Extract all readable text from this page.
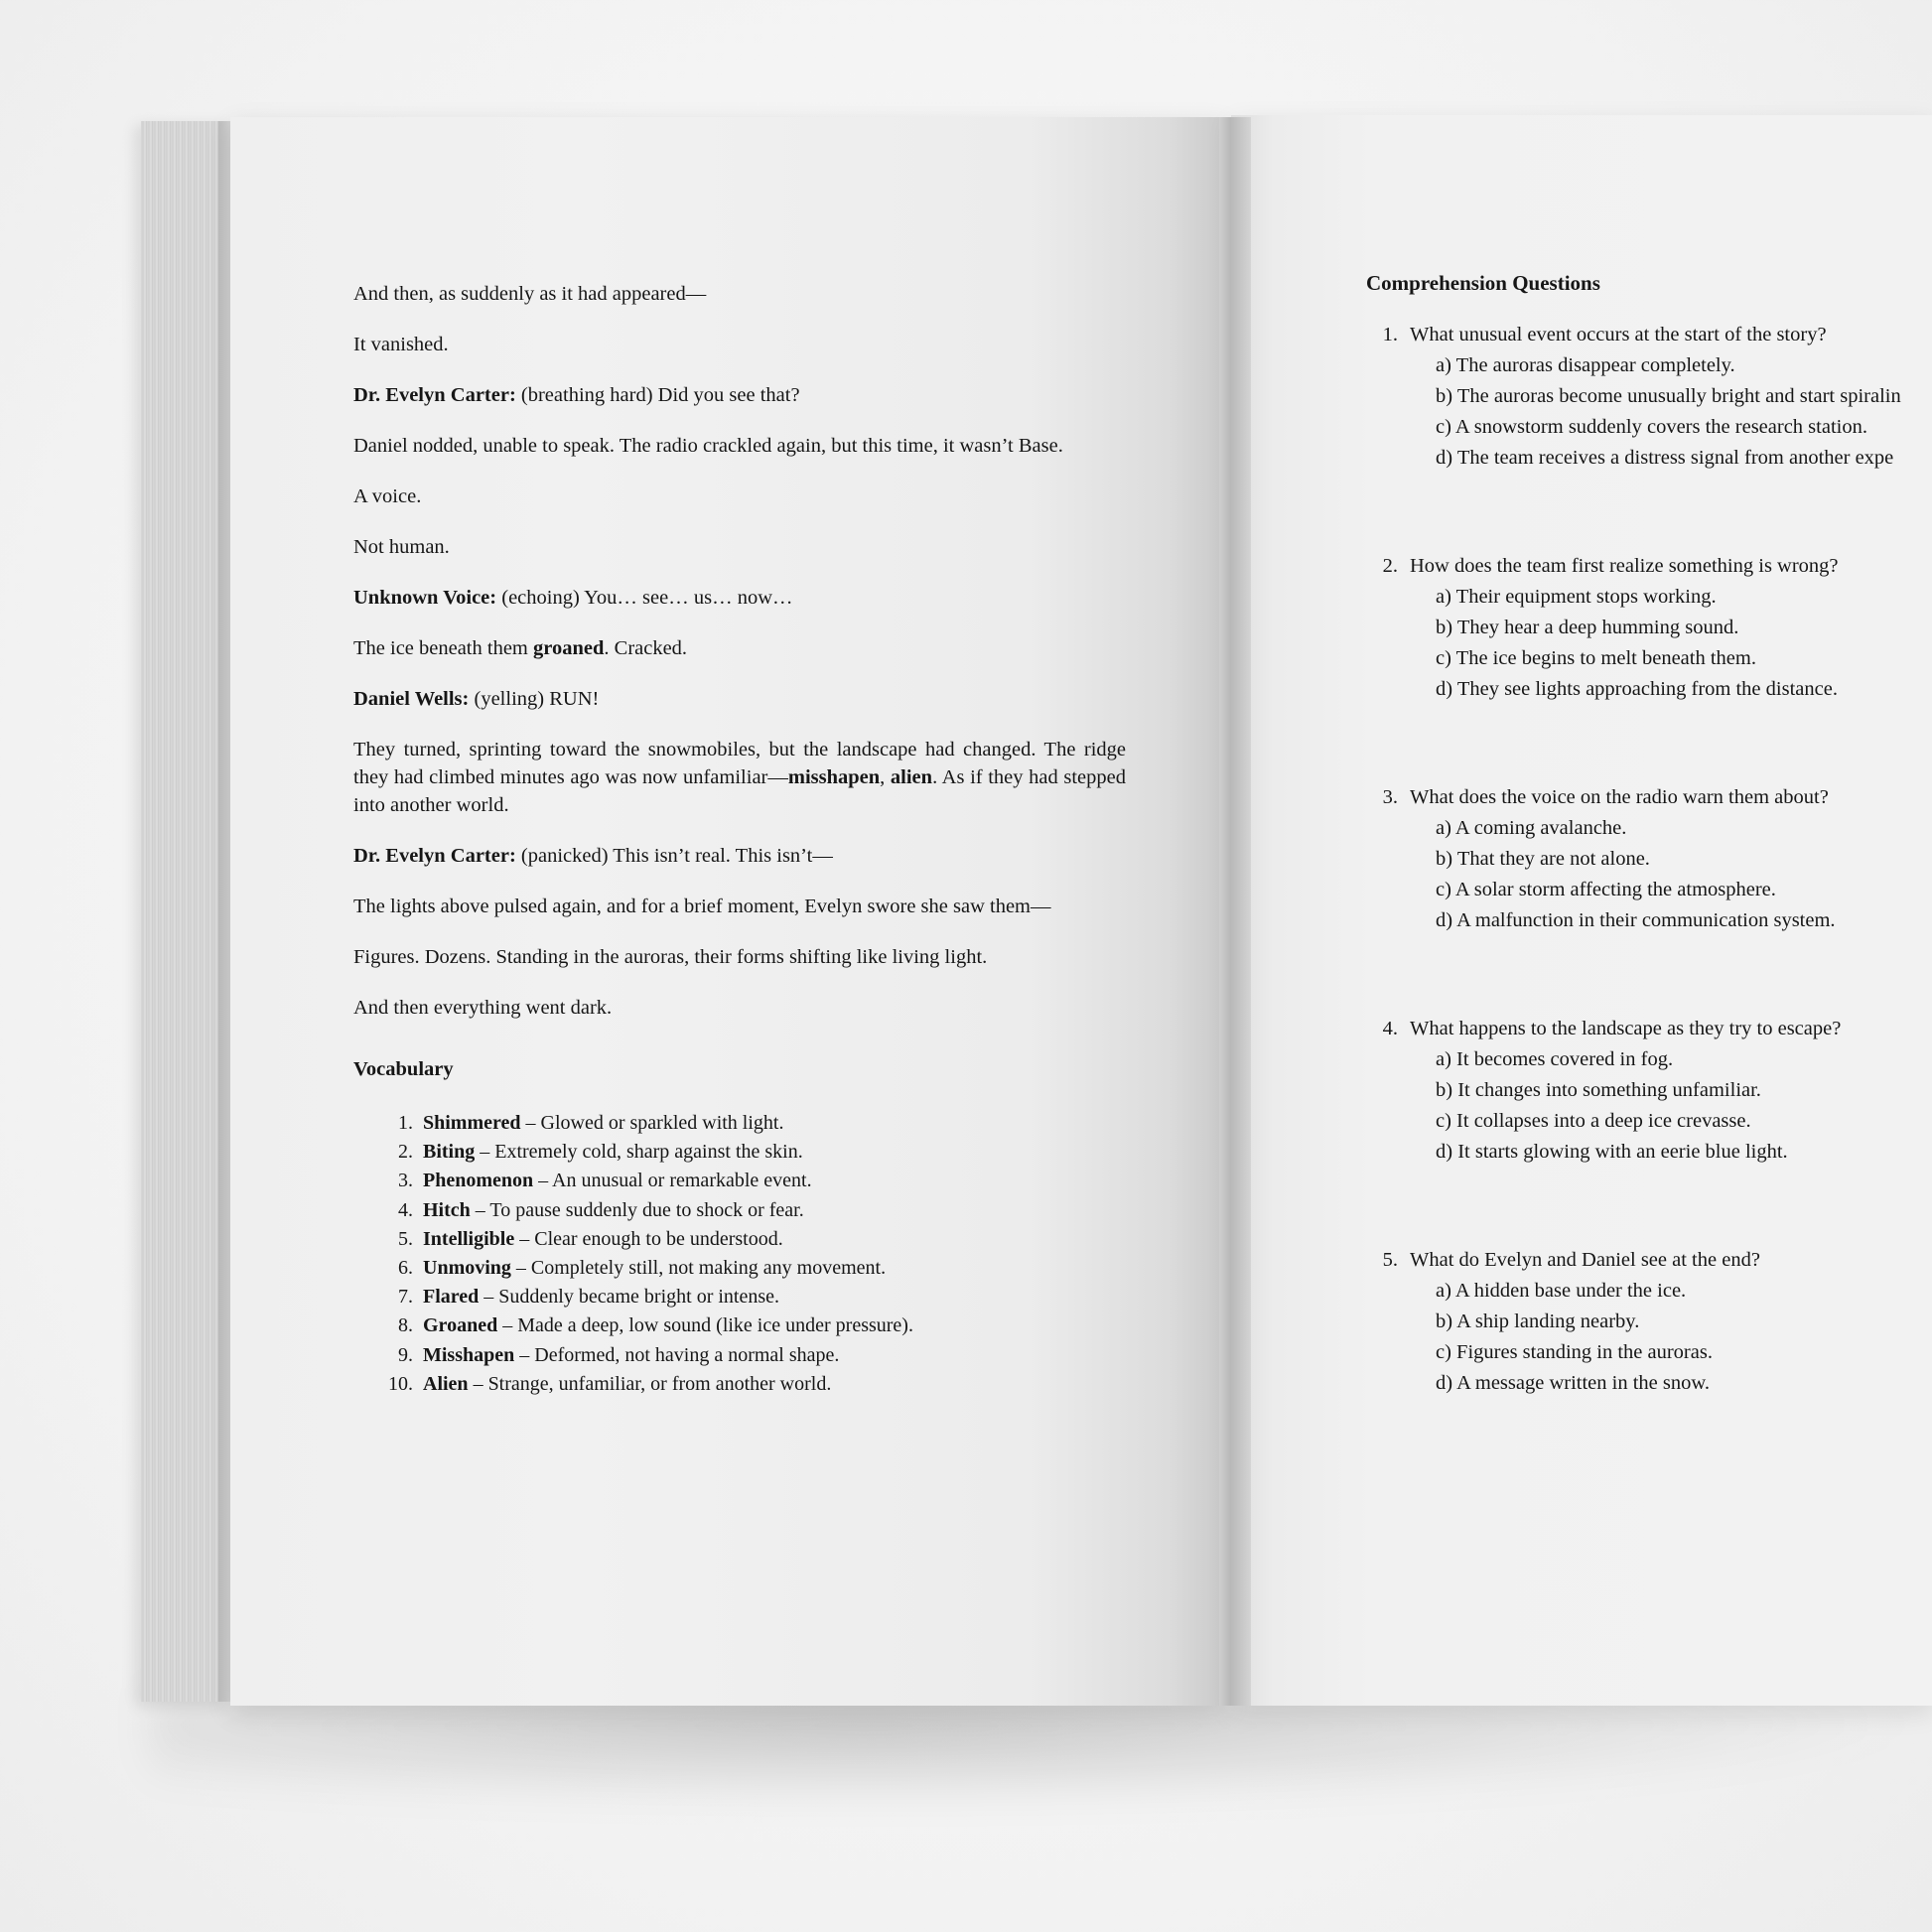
And then, as suddenly as it had appeared—

It vanished.

Dr. Evelyn Carter: (breathing hard) Did you see that?

Daniel nodded, unable to speak. The radio crackled again, but this time, it wasn’t Base.

A voice.

Not human.

Unknown Voice: (echoing) You… see… us… now…

The ice beneath them groaned. Cracked.

Daniel Wells: (yelling) RUN!

They turned, sprinting toward the snowmobiles, but the landscape had changed. The ridge they had climbed minutes ago was now unfamiliar—misshapen, alien. As if they had stepped into another world.

Dr. Evelyn Carter: (panicked) This isn’t real. This isn’t—

The lights above pulsed again, and for a brief moment, Evelyn swore she saw them—

Figures. Dozens. Standing in the auroras, their forms shifting like living light.

And then everything went dark.

Vocabulary
1. Shimmered – Glowed or sparkled with light.
2. Biting – Extremely cold, sharp against the skin.
3. Phenomenon – An unusual or remarkable event.
4. Hitch – To pause suddenly due to shock or fear.
5. Intelligible – Clear enough to be understood.
6. Unmoving – Completely still, not making any movement.
7. Flared – Suddenly became bright or intense.
8. Groaned – Made a deep, low sound (like ice under pressure).
9. Misshapen – Deformed, not having a normal shape.
10. Alien – Strange, unfamiliar, or from another world.
Comprehension Questions
1. What unusual event occurs at the start of the story?
a) The auroras disappear completely.
b) The auroras become unusually bright and start spiralin
c) A snowstorm suddenly covers the research station.
d) The team receives a distress signal from another expe
2. How does the team first realize something is wrong?
a) Their equipment stops working.
b) They hear a deep humming sound.
c) The ice begins to melt beneath them.
d) They see lights approaching from the distance.
3. What does the voice on the radio warn them about?
a) A coming avalanche.
b) That they are not alone.
c) A solar storm affecting the atmosphere.
d) A malfunction in their communication system.
4. What happens to the landscape as they try to escape?
a) It becomes covered in fog.
b) It changes into something unfamiliar.
c) It collapses into a deep ice crevasse.
d) It starts glowing with an eerie blue light.
5. What do Evelyn and Daniel see at the end?
a) A hidden base under the ice.
b) A ship landing nearby.
c) Figures standing in the auroras.
d) A message written in the snow.
